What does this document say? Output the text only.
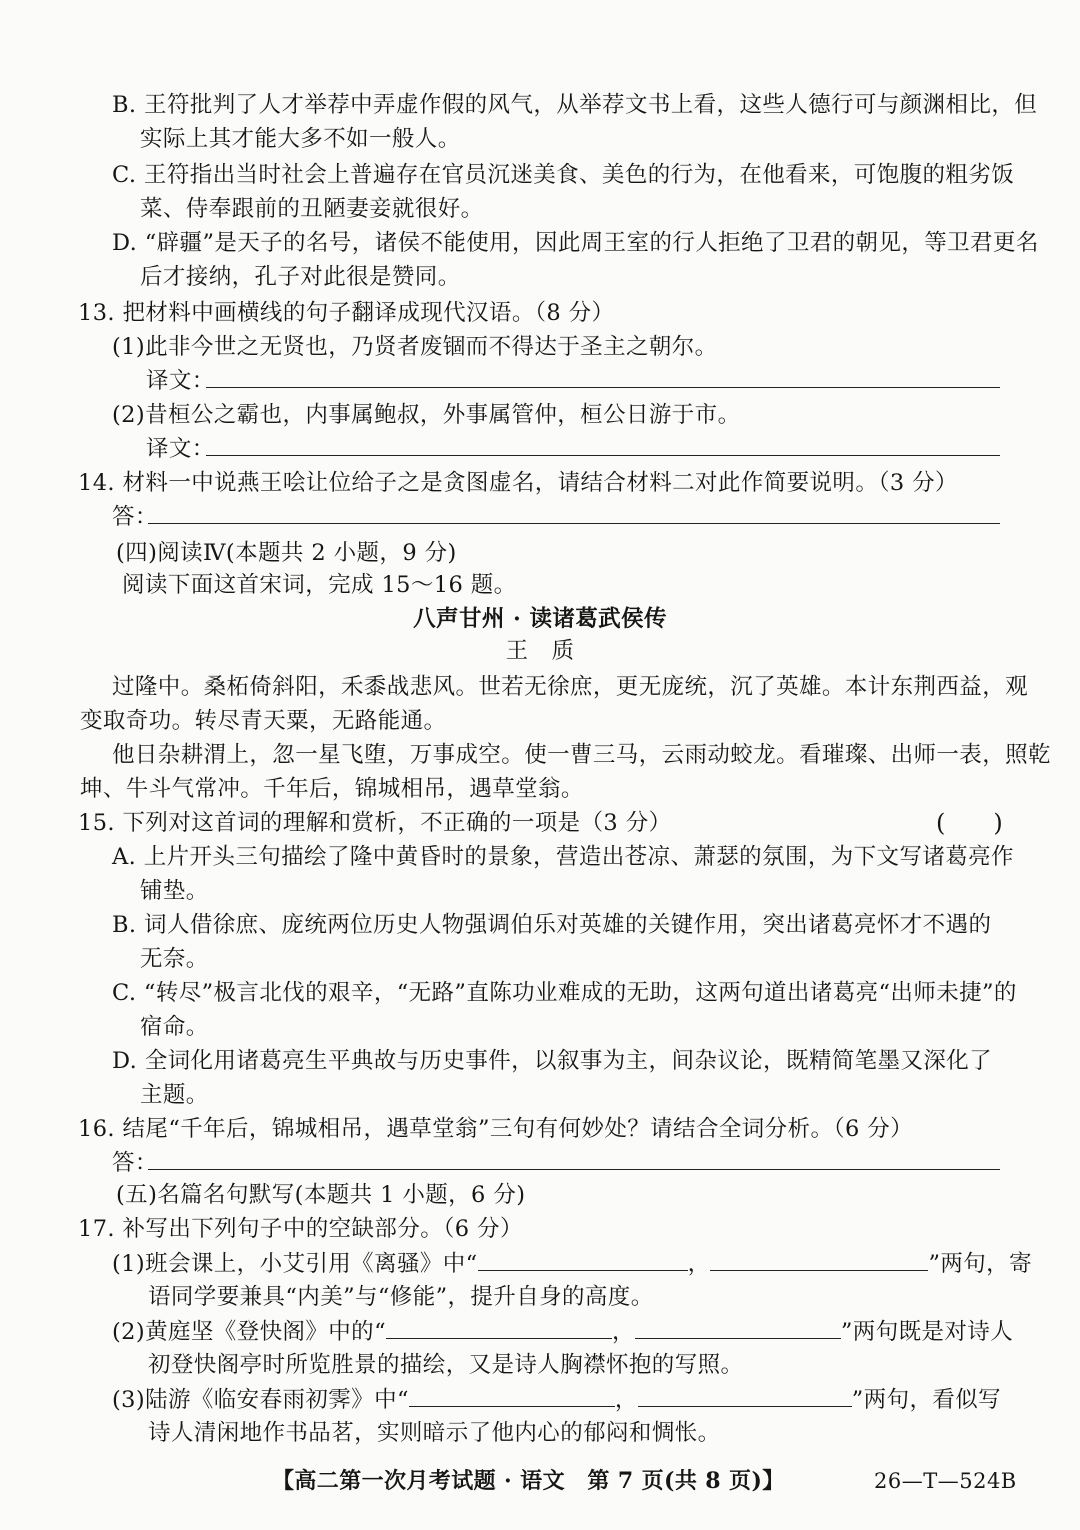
B. 王符批判了人才举荐中弄虚作假的风气，从举荐文书上看，这些人德行可与颜渊相比，但
实际上其才能大多不如一般人。
C. 王符指出当时社会上普遍存在官员沉迷美食、美色的行为，在他看来，可饱腹的粗劣饭
菜、侍奉跟前的丑陋妻妾就很好。
D. “辟疆”是天子的名号，诸侯不能使用，因此周王室的行人拒绝了卫君的朝见，等卫君更名
后才接纳，孔子对此很是赞同。
13. 把材料中画横线的句子翻译成现代汉语。（8 分）
(1)此非今世之无贤也，乃贤者废锢而不得达于圣主之朝尔。
译文：
(2)昔桓公之霸也，内事属鲍叔，外事属管仲，桓公日游于市。
译文：
14. 材料一中说燕王哙让位给子之是贪图虚名，请结合材料二对此作简要说明。（3 分）
答：
(四)阅读Ⅳ(本题共 2 小题，9 分)
阅读下面这首宋词，完成 15～16 题。
八声甘州 · 读诸葛武侯传
王　质
过隆中。桑柘倚斜阳，禾黍战悲风。世若无徐庶，更无庞统，沉了英雄。本计东荆西益，观
变取奇功。转尽青天粟，无路能通。
他日杂耕渭上，忽一星飞堕，万事成空。使一曹三马，云雨动蛟龙。看璀璨、出师一表，照乾
坤、牛斗气常冲。千年后，锦城相吊，遇草堂翁。
15. 下列对这首词的理解和赏析，不正确的一项是（3 分）	(　　)
A. 上片开头三句描绘了隆中黄昏时的景象，营造出苍凉、萧瑟的氛围，为下文写诸葛亮作
铺垫。
B. 词人借徐庶、庞统两位历史人物强调伯乐对英雄的关键作用，突出诸葛亮怀才不遇的
无奈。
C. “转尽”极言北伐的艰辛，“无路”直陈功业难成的无助，这两句道出诸葛亮“出师未捷”的
宿命。
D. 全词化用诸葛亮生平典故与历史事件，以叙事为主，间杂议论，既精简笔墨又深化了
主题。
16. 结尾“千年后，锦城相吊，遇草堂翁”三句有何妙处？请结合全词分析。（6 分）
答：
(五)名篇名句默写(本题共 1 小题，6 分)
17. 补写出下列句子中的空缺部分。（6 分）
(1)班会课上，小艾引用《离骚》中“	，	”两句，寄
语同学要兼具“内美”与“修能”，提升自身的高度。
(2)黄庭坚《登快阁》中的“	，	”两句既是对诗人
初登快阁亭时所览胜景的描绘，又是诗人胸襟怀抱的写照。
(3)陆游《临安春雨初霁》中“	，	”两句，看似写
诗人清闲地作书品茗，实则暗示了他内心的郁闷和惆怅。
【高二第一次月考试题 · 语文　第 7 页(共 8 页)】	26—T—524B
